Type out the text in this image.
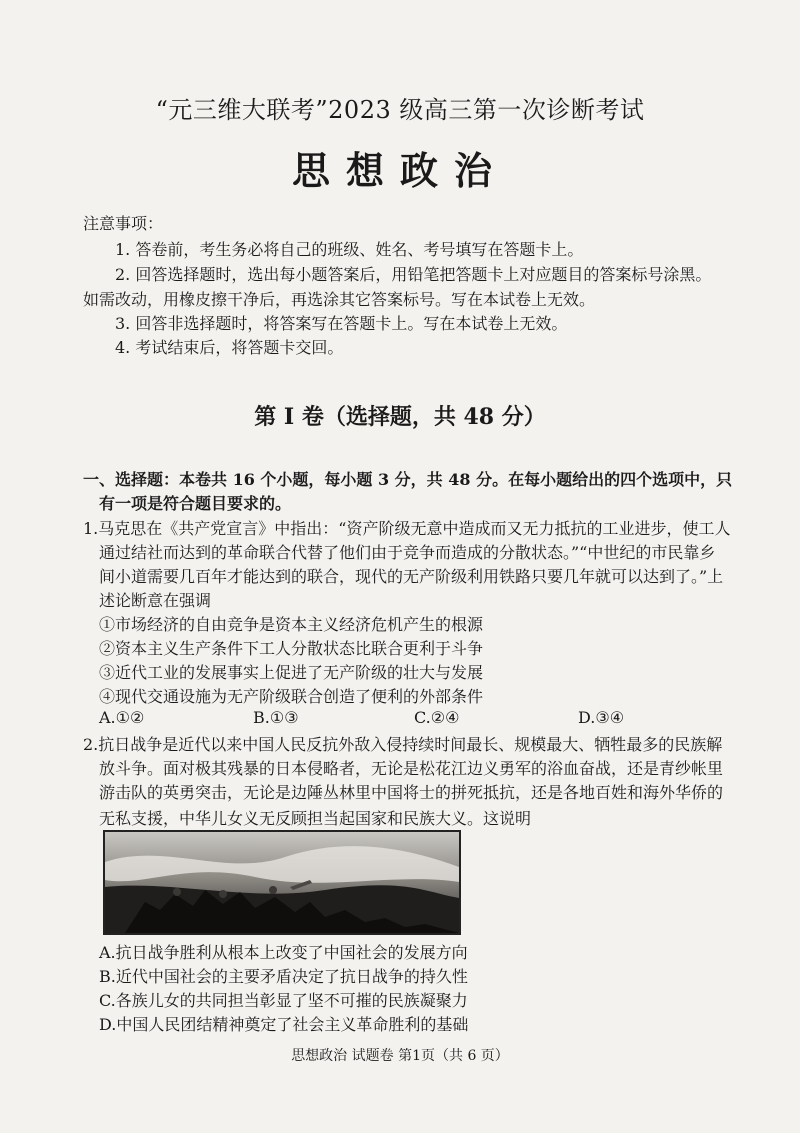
“元三维大联考”2023 级高三第一次诊断考试
思想政治
注意事项：
1. 答卷前，考生务必将自己的班级、姓名、考号填写在答题卡上。
2. 回答选择题时，选出每小题答案后，用铅笔把答题卡上对应题目的答案标号涂黑。
如需改动，用橡皮擦干净后，再选涂其它答案标号。写在本试卷上无效。
3. 回答非选择题时，将答案写在答题卡上。写在本试卷上无效。
4. 考试结束后，将答题卡交回。
第 I 卷（选择题，共 48 分）
一、选择题：本卷共 16 个小题，每小题 3 分，共 48 分。在每小题给出的四个选项中，只
有一项是符合题目要求的。
1.马克思在《共产党宣言》中指出：“资产阶级无意中造成而又无力抵抗的工业进步，使工人
通过结社而达到的革命联合代替了他们由于竞争而造成的分散状态。”“中世纪的市民靠乡
间小道需要几百年才能达到的联合，现代的无产阶级利用铁路只要几年就可以达到了。”上
述论断意在强调
①市场经济的自由竞争是资本主义经济危机产生的根源
②资本主义生产条件下工人分散状态比联合更利于斗争
③近代工业的发展事实上促进了无产阶级的壮大与发展
④现代交通设施为无产阶级联合创造了便利的外部条件
A.①②	B.①③	C.②④	D.③④
2.抗日战争是近代以来中国人民反抗外敌入侵持续时间最长、规模最大、牺牲最多的民族解
放斗争。面对极其残暴的日本侵略者，无论是松花江边义勇军的浴血奋战，还是青纱帐里
游击队的英勇突击，无论是边陲丛林里中国将士的拼死抵抗，还是各地百姓和海外华侨的
无私支援，中华儿女义无反顾担当起国家和民族大义。这说明
A.抗日战争胜利从根本上改变了中国社会的发展方向
B.近代中国社会的主要矛盾决定了抗日战争的持久性
C.各族儿女的共同担当彰显了坚不可摧的民族凝聚力
D.中国人民团结精神奠定了社会主义革命胜利的基础
思想政治 试题卷 第1页（共 6 页）
